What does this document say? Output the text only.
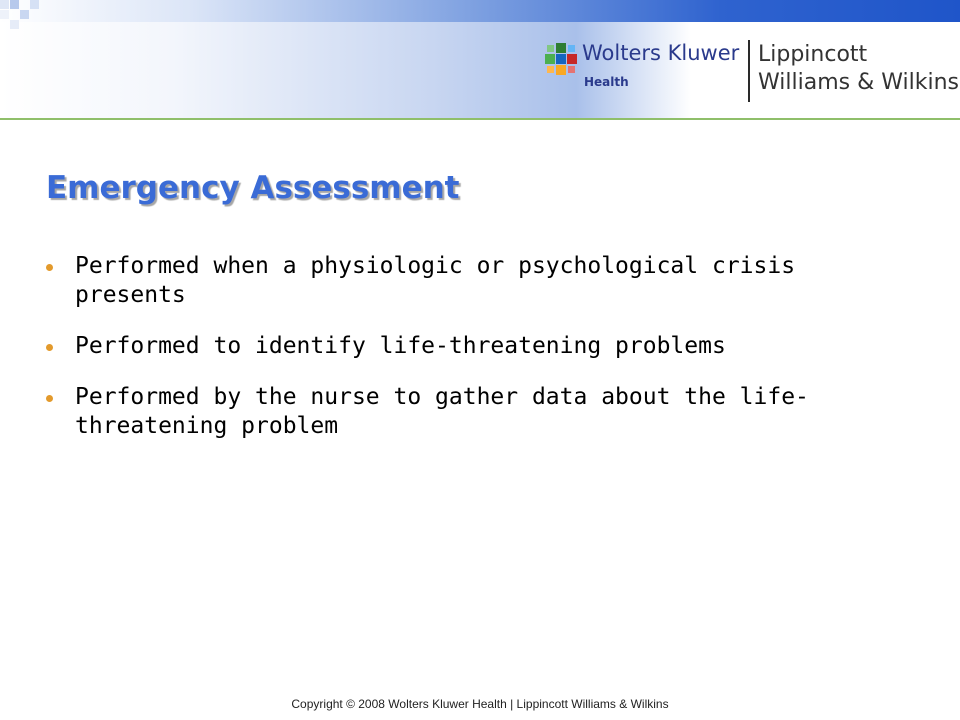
Wolters Kluwer
Health
Lippincott
Williams & Wilkins
Emergency Assessment
Performed when a physiologic or psychological crisis presents
Performed to identify life-threatening problems
Performed by the nurse to gather data about the life-threatening problem
Copyright © 2008 Wolters Kluwer Health | Lippincott Williams & Wilkins
